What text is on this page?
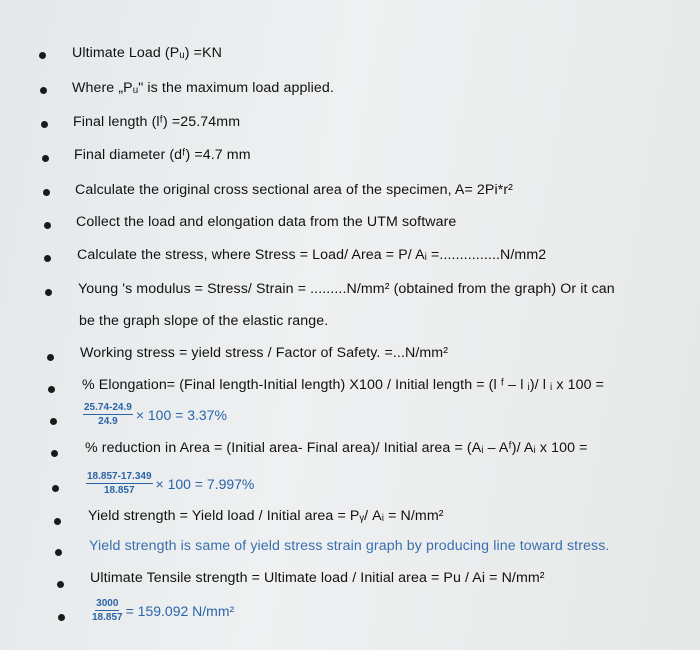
Ultimate Load (Pᵤ) =KN
Where „Pᵤ" is the maximum load applied.
Final length (lᶠ) =25.74mm
Final diameter (dᶠ) =4.7 mm
Calculate the original cross sectional area of the specimen, A= 2Pi*r²
Collect the load and elongation data from the UTM software
Calculate the stress, where Stress = Load/ Area = P/ Aᵢ =...............N/mm2
Young 's modulus = Stress/ Strain = .........N/mm² (obtained from the graph) Or it can
be the graph slope of the elastic range.
Working stress = yield stress / Factor of Safety. =...N/mm²
% Elongation= (Final length-Initial length) X100 / Initial length = (l ᶠ – l ᵢ)/ l ᵢ x 100 =
$\frac{25.74-24.9}{24.9} \times 100 = 3.37\%$
% reduction in Area = (Initial area- Final area)/ Initial area = (Aᵢ – Aᶠ)/ Aᵢ x 100 =
$\frac{18.857-17.349}{18.857} \times 100 = 7.997\%$
Yield strength = Yield load / Initial area = Pᵧ/ Aᵢ = N/mm²
Yield strength is same of yield stress strain graph by producing line toward stress.
Ultimate Tensile strength = Ultimate load / Initial area = Pu / Ai = N/mm²
$\frac{3000}{18.857} = 159.092$ N/mm²
